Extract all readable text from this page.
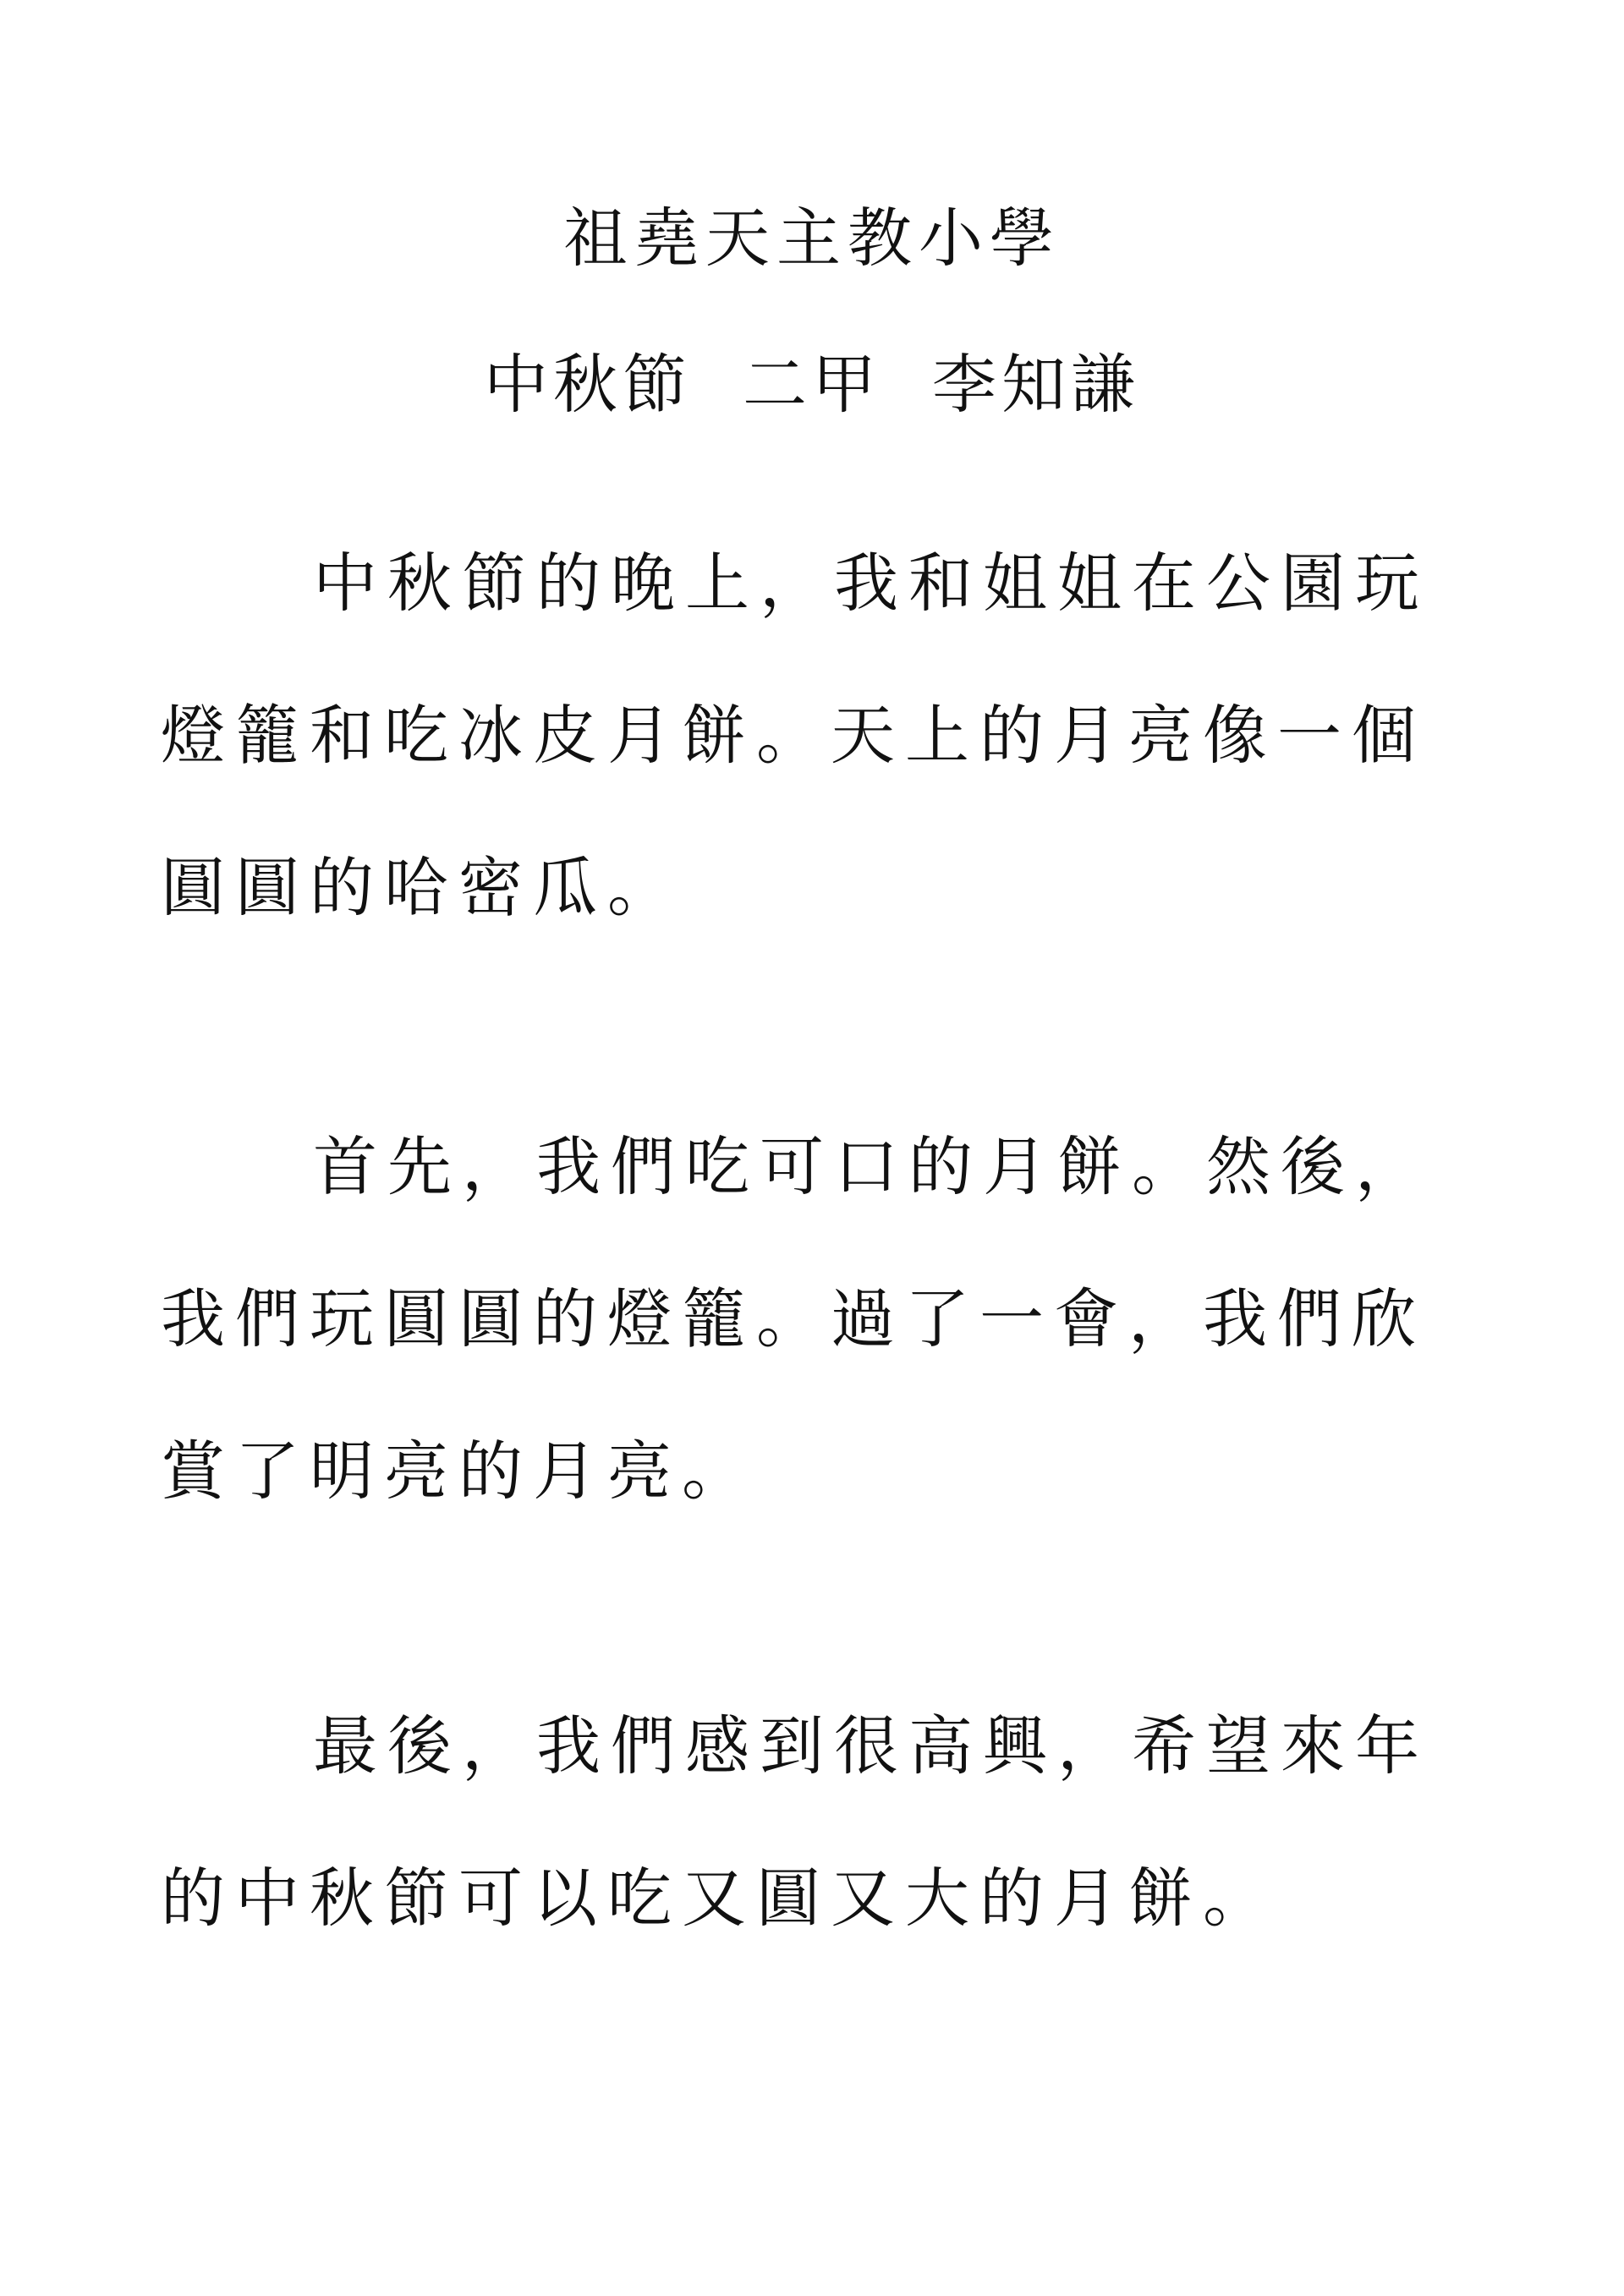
祖堯天主教小學
中秋節 二甲 李知謙
中秋節的晚上，我和姐姐在公園玩燈籠和吃冰皮月餅。天上的月亮像一個圓圓的哈密瓜。
首先，我們吃可口的月餅。然後，我們玩圓圓的燈籠。過了一會，我們欣賞了明亮的月亮。
最後，我們感到很高興，希望來年的中秋節可以吃又圓又大的月餅。
